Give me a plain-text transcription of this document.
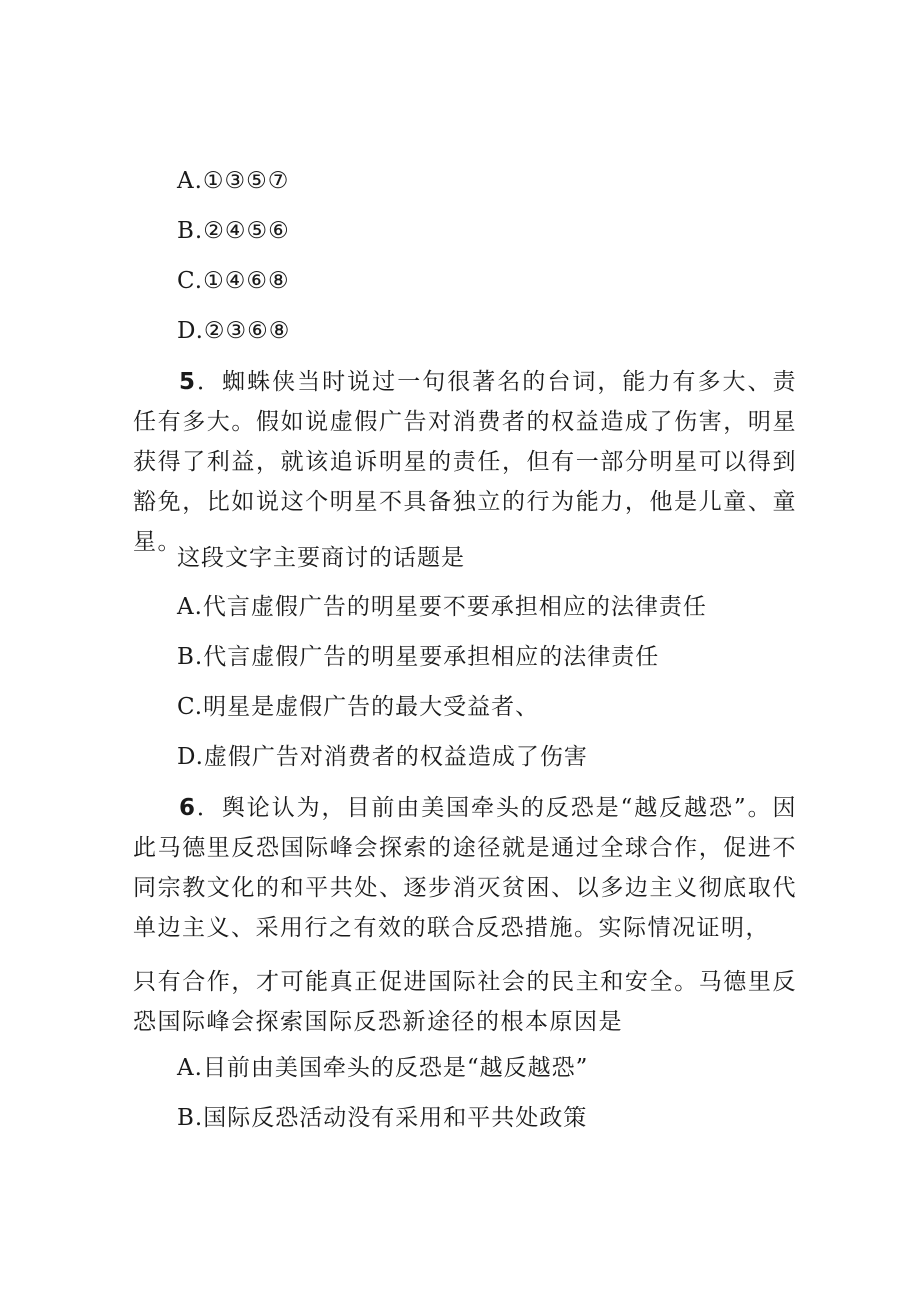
A.①③⑤⑦
B.②④⑤⑥
C.①④⑥⑧
D.②③⑥⑧
5．蜘蛛侠当时说过一句很著名的台词，能力有多大、责任有多大。假如说虚假广告对消费者的权益造成了伤害，明星获得了利益，就该追诉明星的责任，但有一部分明星可以得到豁免，比如说这个明星不具备独立的行为能力，他是儿童、童星。
这段文字主要商讨的话题是
A.代言虚假广告的明星要不要承担相应的法律责任
B.代言虚假广告的明星要承担相应的法律责任
C.明星是虚假广告的最大受益者、
D.虚假广告对消费者的权益造成了伤害
6．舆论认为，目前由美国牵头的反恐是“越反越恐”。因此马德里反恐国际峰会探索的途径就是通过全球合作，促进不同宗教文化的和平共处、逐步消灭贫困、以多边主义彻底取代单边主义、采用行之有效的联合反恐措施。实际情况证明，
只有合作，才可能真正促进国际社会的民主和安全。马德里反恐国际峰会探索国际反恐新途径的根本原因是
A.目前由美国牵头的反恐是“越反越恐”
B.国际反恐活动没有采用和平共处政策
